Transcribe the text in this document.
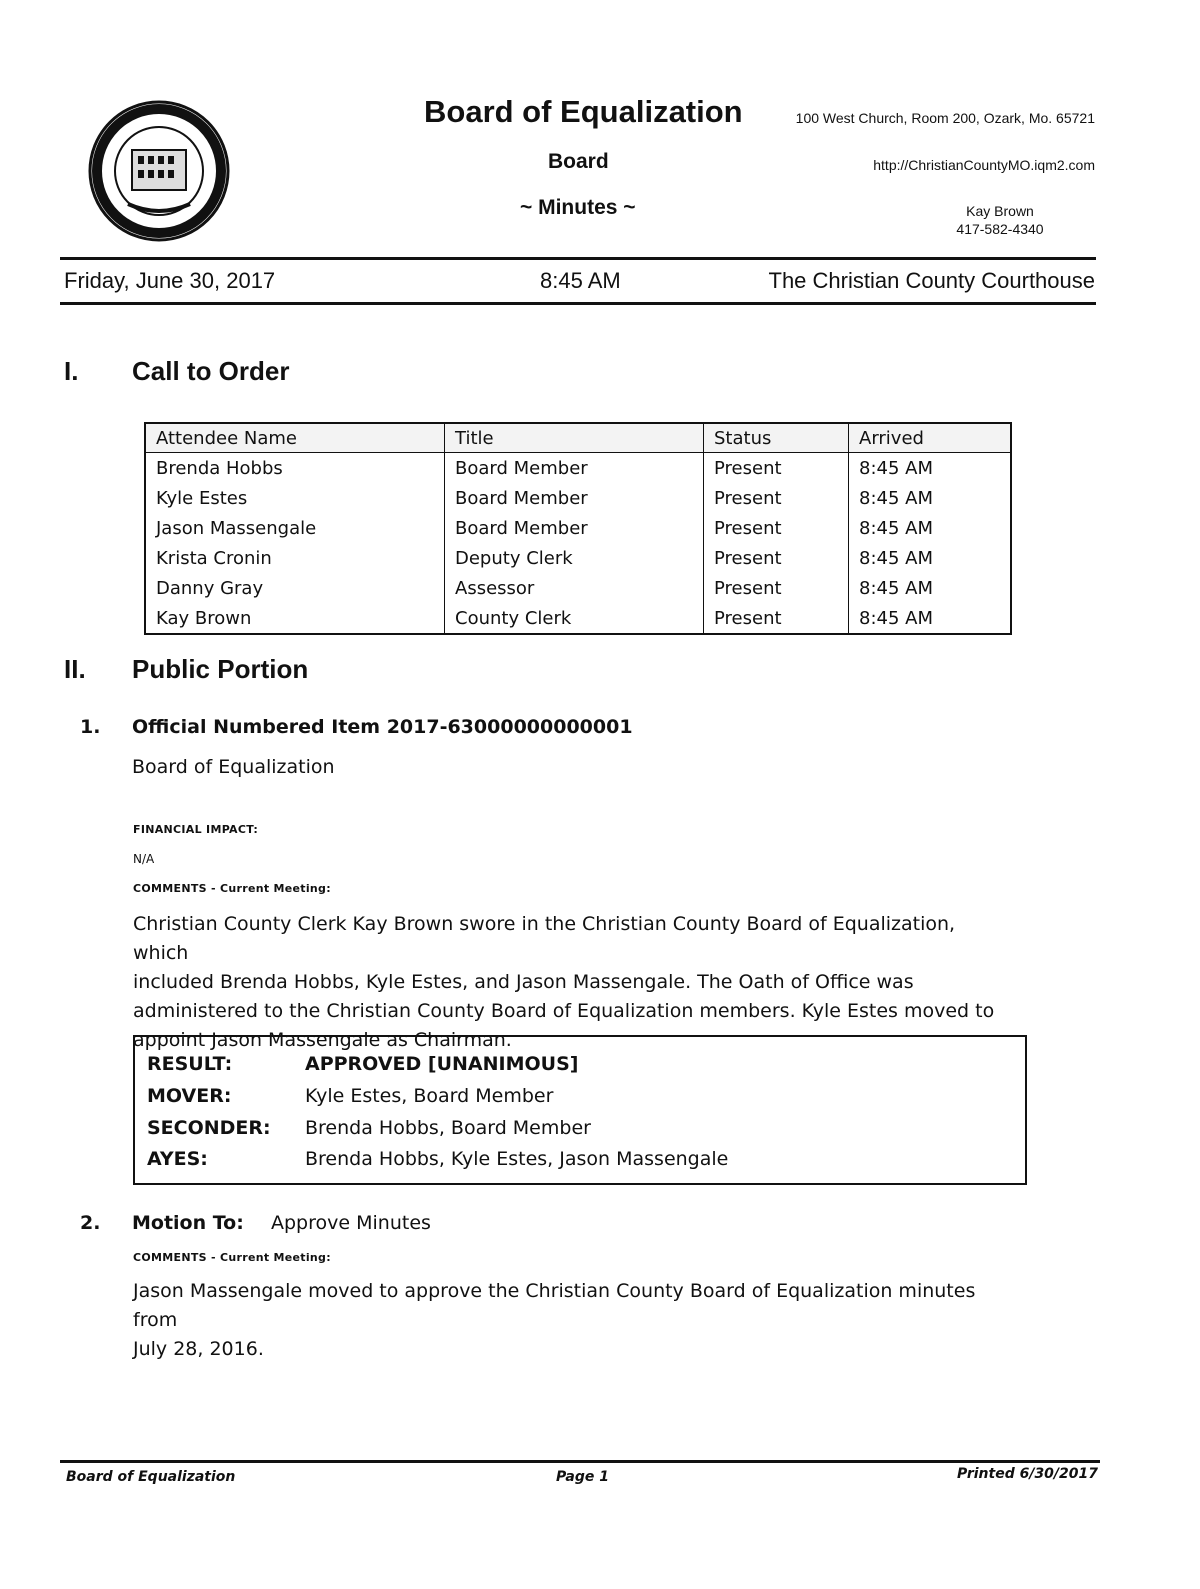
Board of Equalization
Board
~ Minutes ~
100 West Church, Room 200, Ozark, Mo. 65721
http://ChristianCountyMO.iqm2.com
Kay Brown
417-582-4340
Friday, June 30, 2017	8:45 AM	The Christian County Courthouse
I. Call to Order
Attendee Name	Title	Status	Arrived
Brenda Hobbs	Board Member	Present	8:45 AM
Kyle Estes	Board Member	Present	8:45 AM
Jason Massengale	Board Member	Present	8:45 AM
Krista Cronin	Deputy Clerk	Present	8:45 AM
Danny Gray	Assessor	Present	8:45 AM
Kay Brown	County Clerk	Present	8:45 AM
II. Public Portion
1. Official Numbered Item 2017-63000000000001
Board of Equalization
FINANCIAL IMPACT:
N/A
COMMENTS - Current Meeting:
Christian County Clerk Kay Brown swore in the Christian County Board of Equalization, which
included Brenda Hobbs, Kyle Estes, and Jason Massengale. The Oath of Office was
administered to the Christian County Board of Equalization members. Kyle Estes moved to
appoint Jason Massengale as Chairman.
RESULT:	APPROVED [UNANIMOUS]
MOVER:	Kyle Estes, Board Member
SECONDER: Brenda Hobbs, Board Member
AYES:	Brenda Hobbs, Kyle Estes, Jason Massengale
2. Motion To: Approve Minutes
COMMENTS - Current Meeting:
Jason Massengale moved to approve the Christian County Board of Equalization minutes from
July 28, 2016.
Board of Equalization	Page 1	Printed 6/30/2017
